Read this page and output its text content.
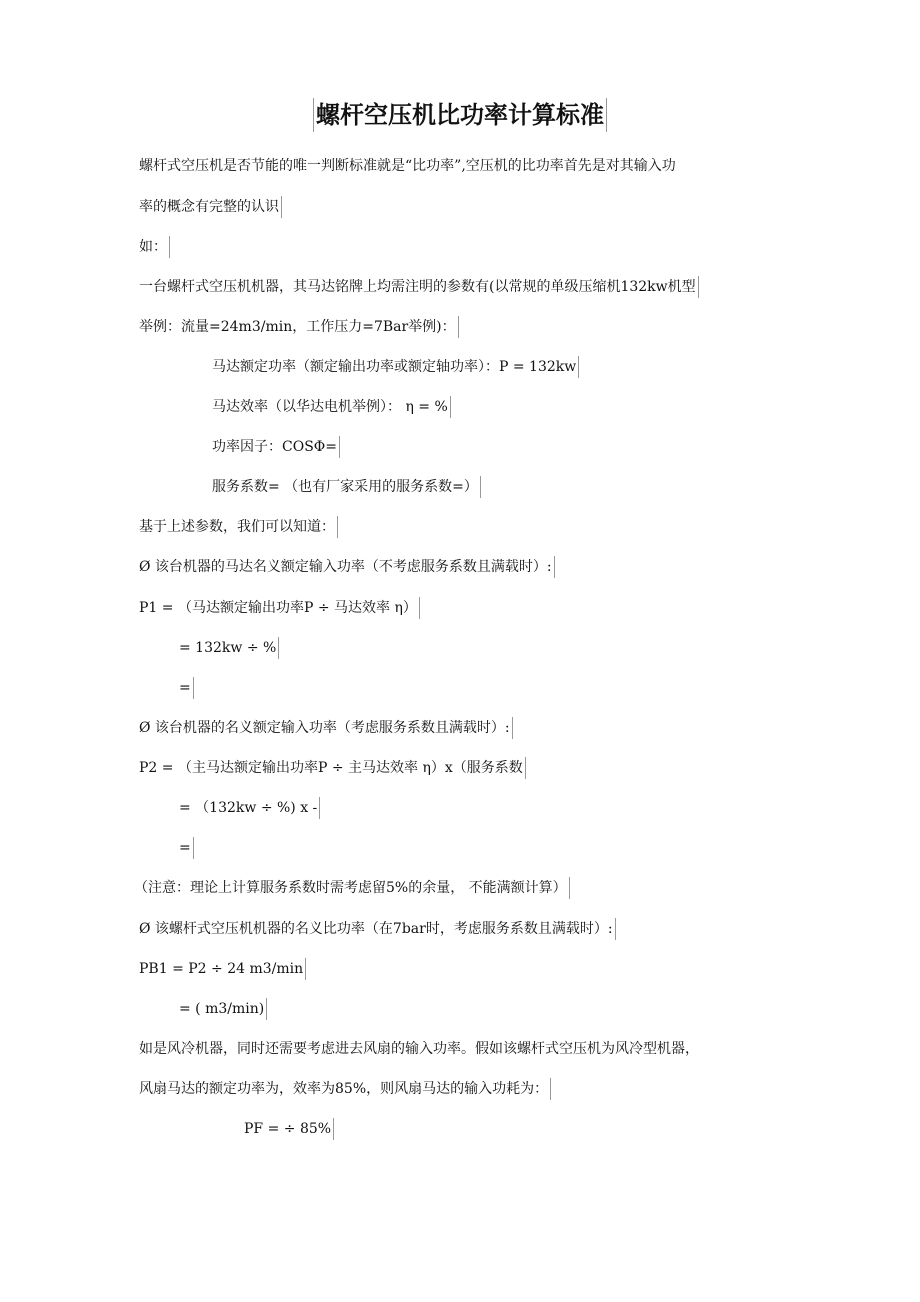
螺杆空压机比功率计算标准
螺杆式空压机是否节能的唯一判断标准就是“比功率”,空压机的比功率首先是对其输入功
率的概念有完整的认识
如：
一台螺杆式空压机机器，其马达铭牌上均需注明的参数有(以常规的单级压缩机132kw机型
举例：流量=24m3/min，工作压力=7Bar举例)：
马达额定功率（额定输出功率或额定轴功率）：P = 132kw
马达效率（以华达电机举例）： η = %
功率因子：COSΦ=
服务系数= （也有厂家采用的服务系数=）
基于上述参数，我们可以知道：
Ø 该台机器的马达名义额定输入功率（不考虑服务系数且满载时）:
P1 = （马达额定输出功率P ÷ 马达效率 η）
= 132kw ÷ %
=
Ø 该台机器的名义额定输入功率（考虑服务系数且满载时）:
P2 = （主马达额定输出功率P ÷ 主马达效率 η）x（服务系数
= （132kw ÷ %) x -
=
（注意：理论上计算服务系数时需考虑留5%的余量， 不能满额计算）
Ø 该螺杆式空压机机器的名义比功率（在7bar时，考虑服务系数且满载时）:
PB1 = P2 ÷ 24 m3/min
= ( m3/min)
如是风冷机器，同时还需要考虑进去风扇的输入功率。假如该螺杆式空压机为风冷型机器，
风扇马达的额定功率为，效率为85%，则风扇马达的输入功耗为：
PF = ÷ 85%
